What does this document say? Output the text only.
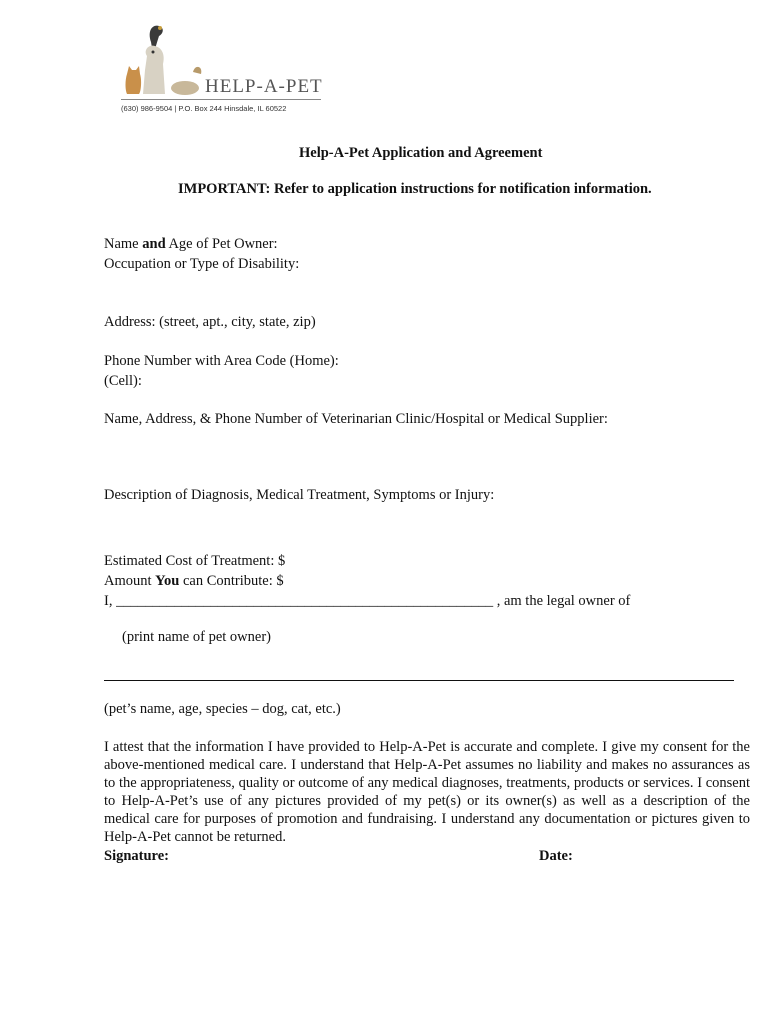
HELP-A-PET
(630) 986-9504 | P.O. Box 244 Hinsdale, IL 60522
Help-A-Pet Application and Agreement
IMPORTANT: Refer to application instructions for notification information.
Name and Age of Pet Owner:
Occupation or Type of Disability:
Address: (street, apt., city, state, zip)
Phone Number with Area Code (Home):
(Cell):
Name, Address, & Phone Number of Veterinarian Clinic/Hospital or Medical Supplier:
Description of Diagnosis, Medical Treatment, Symptoms or Injury:
Estimated Cost of Treatment: $
Amount You can Contribute: $
I, ____________________________________________________ , am the legal owner of
(print name of pet owner)
(pet’s name, age, species – dog, cat, etc.)
I attest that the information I have provided to Help-A-Pet is accurate and complete. I give my consent for the above-mentioned medical care. I understand that Help-A-Pet assumes no liability and makes no assurances as to the appropriateness, quality or outcome of any medical diagnoses, treatments, products or services. I consent to Help-A-Pet’s use of any pictures provided of my pet(s) or its owner(s) as well as a description of the medical care for purposes of promotion and fundraising. I understand any documentation or pictures given to Help-A-Pet cannot be returned.
Signature:	Date:
